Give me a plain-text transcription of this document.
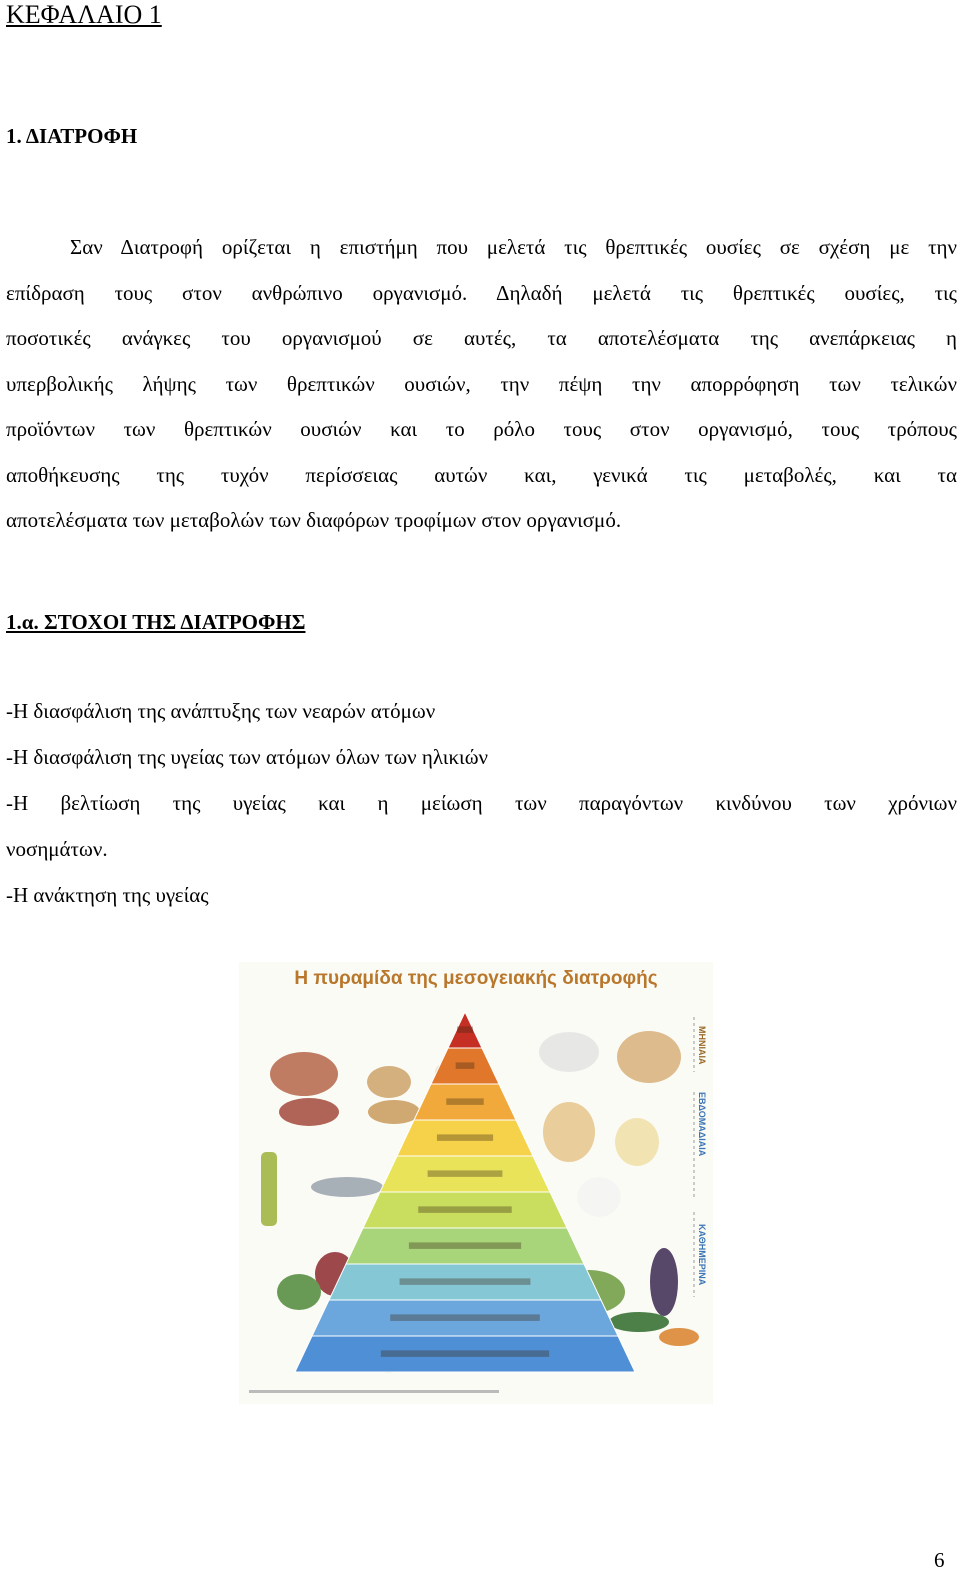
ΚΕΦΑΛΑΙΟ 1
1. ΔΙΑΤΡΟΦΗ
Σαν Διατροφή ορίζεται η επιστήμη που μελετά τις θρεπτικές ουσίες σε σχέση με την
επίδραση τους στον ανθρώπινο οργανισμό. Δηλαδή μελετά τις θρεπτικές ουσίες, τις
ποσοτικές ανάγκες του οργανισμού σε αυτές, τα αποτελέσματα της ανεπάρκειας η
υπερβολικής λήψης των θρεπτικών ουσιών, την πέψη την απορρόφηση των τελικών
προϊόντων των θρεπτικών ουσιών και το ρόλο τους στον οργανισμό, τους τρόπους
αποθήκευσης της τυχόν περίσσειας αυτών και, γενικά τις μεταβολές, και τα
αποτελέσματα των μεταβολών των διαφόρων τροφίμων στον οργανισμό.
1.α. ΣΤΟΧΟΙ ΤΗΣ ΔΙΑΤΡΟΦΗΣ
-Η διασφάλιση της ανάπτυξης των νεαρών ατόμων
-Η διασφάλιση της υγείας των ατόμων όλων των ηλικιών
-Η βελτίωση της υγείας και η μείωση των παραγόντων κινδύνου των χρόνιων
νοσημάτων.
-Η ανάκτηση της υγείας
Η πυραμίδα της μεσογειακής διατροφής
ΜΗΝΙΑΙΑ
ΕΒΔΟΜΑΔΙΑΙΑ
ΚΑΘΗΜΕΡΙΝΑ
6
